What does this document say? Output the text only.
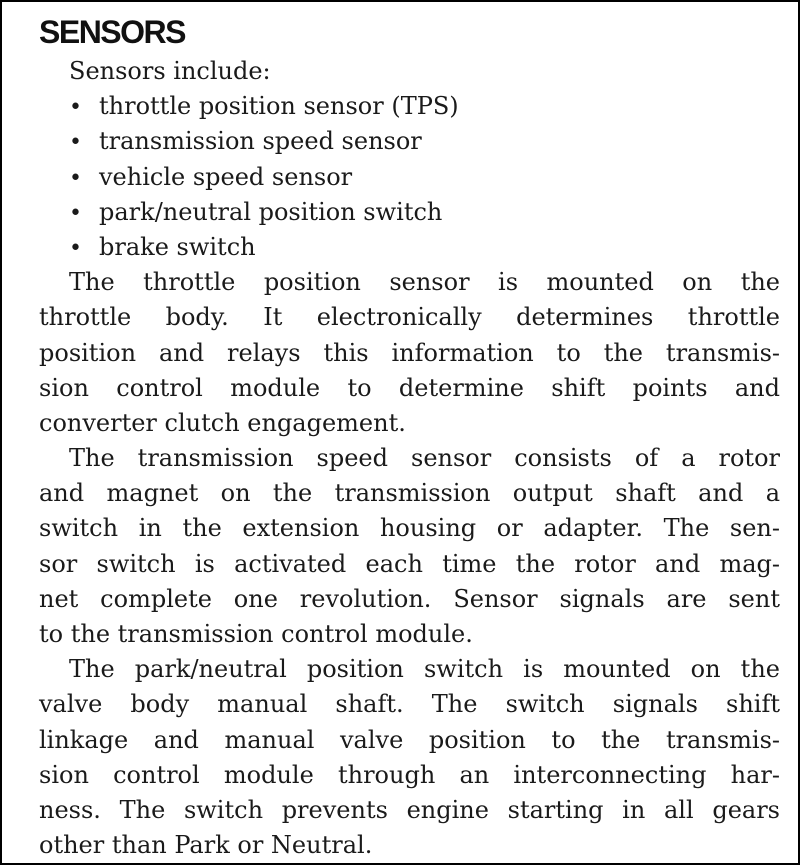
SENSORS

Sensors include:

• throttle position sensor (TPS)
• transmission speed sensor
• vehicle speed sensor
• park/neutral position switch
• brake switch

The throttle position sensor is mounted on the

throttle body. It electronically determines throttle

position and relays this information to the transmis-

sion control module to determine shift points and

converter clutch engagement.

The transmission speed sensor consists of a rotor

and magnet on the transmission output shaft and a

switch in the extension housing or adapter. The sen-

sor switch is activated each time the rotor and mag-

net complete one revolution. Sensor signals are sent

to the transmission control module.

The park/neutral position switch is mounted on the

valve body manual shaft. The switch signals shift

linkage and manual valve position to the transmis-

sion control module through an interconnecting har-

ness. The switch prevents engine starting in all gears

other than Park or Neutral.
